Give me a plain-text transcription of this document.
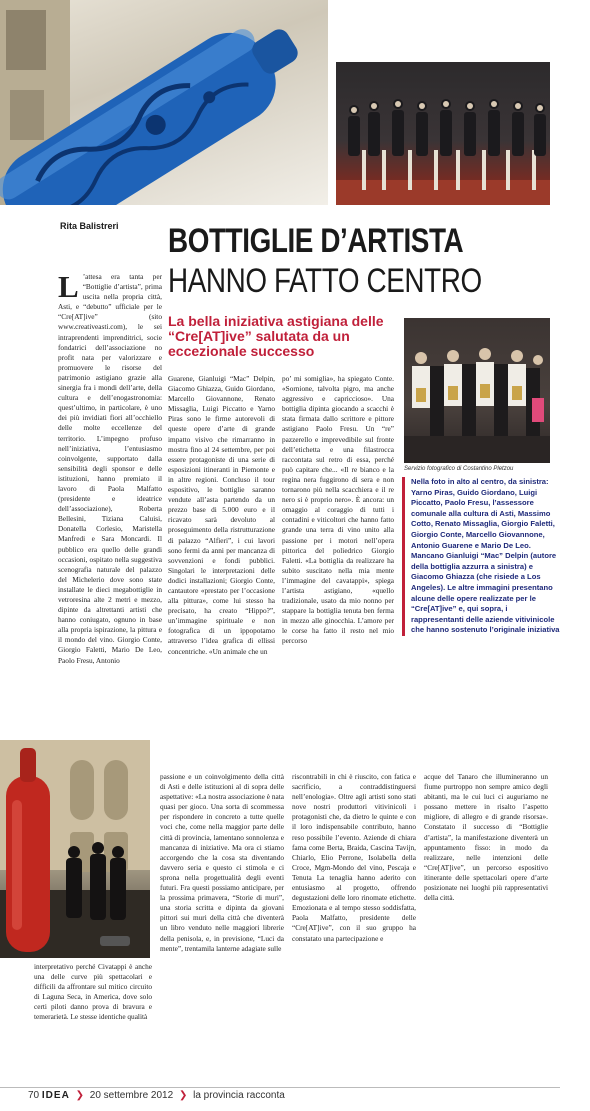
Rita Balistreri BOTTIGLIE D’ARTISTA
HANNO FATTO CENTRO
La bella iniziativa astigiana delle “Cre[AT]ive” salutata da un eccezionale successo
Servizio fotografico di Costantino Pletzou
Nella foto in alto al centro, da sinistra: Yarno Piras, Guido Giordano, Luigi Piccatto, Paolo Fresu, l’assessore comunale alla cultura di Asti, Massimo Cotto, Renato Missaglia, Giorgio Faletti, Giorgio Conte, Marcello Giovannone, Antonio Guarene e Mario De Leo. Mancano Gianluigi “Mac” Delpin (autore della bottiglia azzurra a sinistra) e Giacomo Ghiazza (che risiede a Los Angeles). Le altre immagini presentano alcune delle opere realizzate per le “Cre[AT]ive” e, qui sopra, i rappresentanti delle aziende vitivinicole che hanno sostenuto l’originale iniziativa
L ’attesa era tanta per “Bottiglie d’artista”, prima uscita nella propria città, Asti, e “debutto” ufficiale per le “Cre[AT]ive” (sito www.creativeasti.com), le sei intraprendenti imprenditrici, socie fondatrici dell’associazione no profit nata per valorizzare e promuovere le risorse del patrimonio astigiano grazie alla sinergia fra i mondi dell’arte, della cultura e dell’enogastronomia: quest’ultimo, in particolare, è uno dei più invidiati fiori all’occhiello delle molte eccellenze del territorio. L’impegno profuso nell’iniziativa, l’entusiasmo coinvolgente, supportato dalla sensibilità degli sponsor e delle istituzioni, hanno premiato il lavoro di Paola Malfatto (presidente e ideatrice dell’associazione), Roberta Bellesini, Tiziana Caluisi, Donatella Corlesio, Maristella Manfredi e Sara Moncardi. Il pubblico era quello delle grandi occasioni, ospitato nella suggestiva scenografia naturale del palazzo del Michelerio dove sono state installate le dieci megabottiglie in vetroresina alte 2 metri e mezzo, dipinte da altrettanti artisti che hanno coniugato, ognuno in base alla propria ispirazione, la pittura e il mondo del vino. Giorgio Conte, Giorgio Faletti, Mario De Leo, Paolo Fresu, Antonio
Guarene, Gianluigi “Mac” Delpin, Giacomo Ghiazza, Guido Giordano, Marcello Giovannone, Renato Missaglia, Luigi Piccatto e Yarno Piras sono le firme autorevoli di queste opere d’arte di grande impatto visivo che rimarranno in mostra fino al 24 settembre, per poi essere protagoniste di una serie di esposizioni itineranti in Piemonte e in altre regioni. Concluso il tour espositivo, le bottiglie saranno vendute all’asta partendo da un prezzo base di 5.000 euro e il ricavato sarà devoluto al proseguimento della ristrutturazione di palazzo “Alfieri”, i cui lavori sono fermi da anni per mancanza di sovvenzioni e fondi pubblici. Singolari le interpretazioni delle dodici installazioni; Giorgio Conte, cantautore «prestato per l’occasione alla pittura», come lui stesso ha precisato, ha creato “Hippo?”, un’immagine spirituale e non fotografica di un ippopotamo attraverso l’idea grafica di ellissi concentriche. «Un animale che un
po’ mi somiglia», ha spiegato Conte. «Sornione, talvolta pigro, ma anche aggressivo e capriccioso». Una bottiglia dipinta giocando a scacchi è stata firmata dallo scrittore e pittore astigiano Paolo Fresu. Un “re” pazzerello e imprevedibile sul fronte dell’etichetta e una filastrocca raccontata sul retro di essa, perché può capitare che... «Il re bianco e la regina nera fuggirono di sera e non tornarono più nella scacchiera e il re nero si è proprio nero». È ancora: un omaggio al coraggio di tutti i contadini e viticoltori che hanno fatto grande una terra di vino unito alla passione per i motori nell’opera pittorica del poliedrico Giorgio Faletti. «La bottiglia da realizzare ha subito suscitato nella mia mente l’immagine del cavatappi», spiega l’artista astigiano, «quello tradizionale, usato da mio nonno per stappare la bottiglia tenuta ben ferma in mezzo alle ginocchia. L’amore per le corse ha fatto il resto nel mio percorso
interpretativo perché Civatappi è anche una delle curve più spettacolari e difficili da affrontare sul mitico circuito di Laguna Seca, in America, dove solo certi piloti danno prova di bravura e temerarietà. Le stesse identiche qualità
passione e un coinvolgimento della città di Asti e delle istituzioni al di sopra delle aspettative: «La nostra associazione è nata quasi per gioco. Una sorta di scommessa per rispondere in concreto a tutte quelle voci che, come nella maggior parte delle città di provincia, lamentano sonnolenza e mancanza di iniziative. Ma ora ci stiamo accorgendo che la cosa sta diventando davvero seria e questo ci stimola e ci sprona nella progettualità degli eventi futuri. Fra questi possiamo anticipare, per la prossima primavera, “Storie di muri”, una storia scritta e dipinta da giovani pittori sui muri della città che diventerà un libro venduto nelle maggiori librerie della penisola, e, in previsione, “Luci da mente”, trentamila lanterne adagiate sulle
riscontrabili in chi è riuscito, con fatica e sacrificio, a contraddistinguersi nell’enologia». Oltre agli artisti sono stati nove nostri produttori vitivinicoli i protagonisti che, da dietro le quinte e con il loro indispensabile contributo, hanno reso possibile l’evento. Aziende di chiara fama come Berta, Braida, Cascina Tavijn, Chiarlo, Elio Perrone, Isolabella della Croce, Mgm-Mondo del vino, Pescaja e Tenuta La tenaglia hanno aderito con entusiasmo al progetto, offrendo degustazioni delle loro rinomate etichette. Emozionata e al tempo stesso soddisfatta, Paola Malfatto, presidente delle “Cre[AT]ive”, con il suo gruppo ha constatato una partecipazione e
acque del Tanaro che illumineranno un fiume purtroppo non sempre amico degli abitanti, ma le cui luci ci auguriamo ne possano mettere in risalto l’aspetto migliore, di allegro e di grande risorsa». Constatato il successo di “Bottiglie d’artista”, la manifestazione diventerà un appuntamento fisso: in modo da realizzare, nelle intenzioni delle “Cre[AT]ive”, un percorso espositivo itinerante delle spettacolari opere d’arte posizionate nei luoghi più rappresentativi della città.
70 IDEA ❯ 20 settembre 2012 ❯ la provincia racconta
